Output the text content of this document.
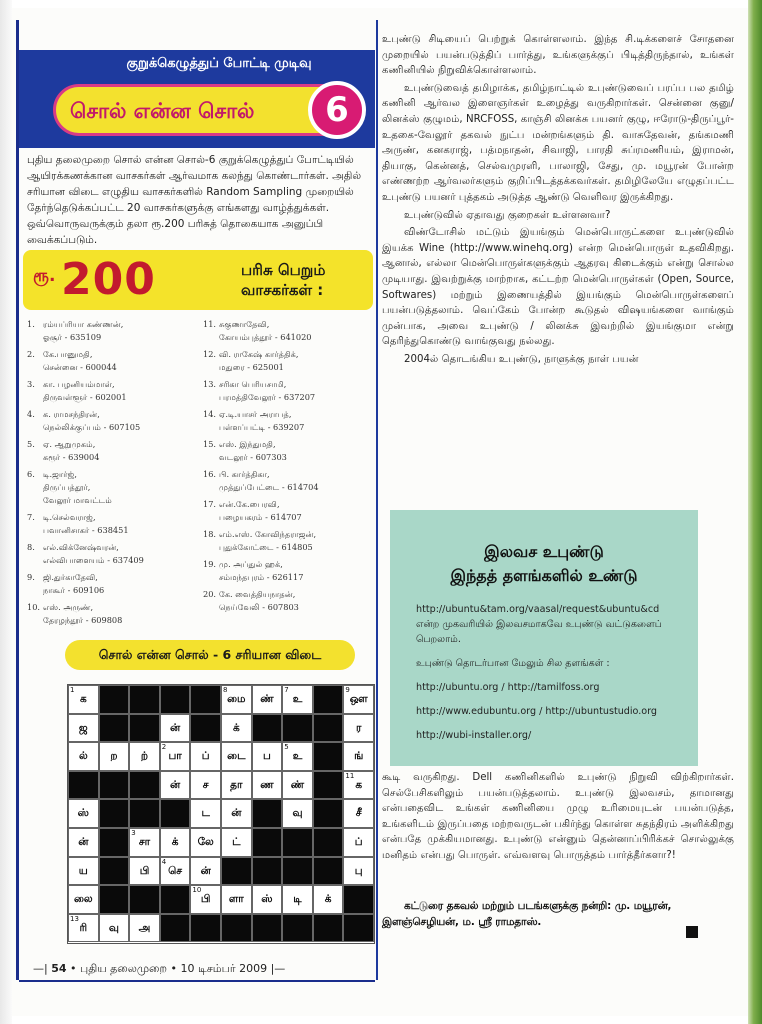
குறுக்கெழுத்துப் போட்டி முடிவு
சொல் என்ன சொல்	6
புதிய தலைமுறை சொல் என்ன சொல்-6 குறுக்கெழுத்துப் போட்டியில் ஆயிரக்கணக்கான வாசகர்கள் ஆர்வமாக கலந்து கொண்டார்கள். அதில் சரியான விடை எழுதிய வாசகர்களில் Random Sampling முறையில் தேர்ந்தெடுக்கப்பட்ட 20 வாசகர்களுக்கு எங்களது வாழ்த்துக்கள். ஒவ்வொருவருக்கும் தலா ரூ.200 பரிசுத் தொகையாக அனுப்பி வைக்கப்படும்.
ரூ. 200	பரிசு பெறும்
வாசகர்கள் :
1. ரம்யப்ரியா கண்ணன்,
ஓசூர் - 635109
2. கே.பானுமதி,
சென்னை - 600044
3. கா. பழனியம்மாள்,
திருவள்ளூர் - 602001
4. க. ராமசந்திரன்,
நெல்லிக்குப்பம் - 607105
5. ஏ. ஆறுமுகம்,
கரூர் - 639004
6. டி.ஜார்ஜ்,
திருப்பத்தூர்,
வேலூர் மாவட்டம்
7. டி.செல்வராஜ்,
பவானிசாகர் - 638451
8. எல்.விக்னேஷ்வரன்,
எல்விபாளையம் - 637409
9. ஜி.துர்காதேவி,
நாகூர் - 609106
10. எஸ். அருண்,
தேரழந்தூர் - 609808
11. சுகுணாதேவி,
கோயம்புத்தூர் - 641020
12. வி. ராகேஷ் கார்த்திக்,
மதுரை - 625001
13. சரிகா பெரியசாமி,
பரமத்திவேலூர் - 637207
14. ஏ.டி.யாசர் அராபத்,
பள்ளப்பட்டி - 639207
15. எஸ். இந்துமதி,
வடலூர் - 607303
16. பி. கார்த்திகா,
முத்துப்பேட்டை - 614704
17. என்.கே.பைரவி,
பழையகரம் - 614707
18. எம்.எஸ். கோவிந்தராஜன்,
புதுக்கோட்டை - 614805
19. மு. அப்துல் ஹக்,
சம்மந்தபுரம் - 626117
20. கே. வைத்தியநாதன்,
நெய்வேலி - 607803
சொல் என்ன சொல் - 6 சரியான விடை
1
க
8
மை	ண்
7
உ
9
ஔ
ஜ	ன்	க்	ர
ல்	ற	ற்
2
பா	ப்	டை	ப
5
உ	ங்
ன்	ச	தா	ண	ண்
11
க
ஸ்	ட	ன்	வு	சீ
ன்
3
சா	க்	லே	ட்	ப்
ய	பி
4
செ	ன்	பு
லை
10
பி	ளா	ஸ்	டி	க்
13
ரி	வு	அ
—| 54 • புதிய தலைமுறை • 10 டிசம்பர் 2009 |—

உபுண்டு சிடியைப் பெற்றுக் கொள்ளலாம். இந்த சி.டிக்களைச் சோதனை முறையில் பயன்படுத்திப் பார்த்து, உங்களுக்குப் பிடித்திருந்தால், உங்கள் கணினியில் நிறுவிக்கொள்ளலாம்.

உபுண்டுவைத் தமிழாக்க, தமிழ்நாட்டில் உபுண்டுவைப் பரப்ப பல தமிழ் கணினி ஆர்வல இளைஞர்கள் உழைத்து வருகிறார்கள். சென்னை குனு/லினக்ஸ் குழுமம், NRCFOSS, காஞ்சி லினக்சு பயனர் குழு, ஈரோடு-திருப்பூர்-உதகை-வேலூர் தகவல் நுட்ப மன்றங்களும் தி. வாசுதேவன், தங்கமணி அருண், கனகராஜ், பத்மநாதன், சிவாஜி, பாரதி சுப்ரமணியம், இராமன், தியாகு, கென்னத், செல்வமுரளி, பாலாஜி, சேது, மு. மயூரன் போன்ற எண்ணற்ற ஆர்வலர்களும் குறிப்பிடத்தக்கவர்கள். தமிழிலேயே எழுதப்பட்ட உபுண்டு பயனர் புத்தகம் அடுத்த ஆண்டு வெளிவர இருக்கிறது.

உபுண்டுவில் ஏதாவது குறைகள் உள்ளனவா?

விண்டோசில் மட்டும் இயங்கும் மென்பொருட்களை உபுண்டுவில் இயக்க Wine (http://www.winehq.org) என்ற மென்பொருள் உதவிகிறது. ஆனால், எல்லா மென்பொருள்களுக்கும் ஆதரவு கிடைக்கும் என்று சொல்ல முடியாது. இவற்றுக்கு மாற்றாக, கட்டற்ற மென்பொருள்கள் (Open, Source, Softwares) மற்றும் இணையத்தில் இயங்கும் மென்பொருள்களைப் பயன்படுத்தலாம். வெப்கேம் போன்ற கூடுதல் விஷயங்களை வாங்கும் முன்பாக, அவை உபுண்டு / லினக்சு இவற்றில் இயங்குமா என்று தெரிந்துகொண்டு வாங்குவது நல்லது.

2004ல் தொடங்கிய உபுண்டு, நாளுக்கு நாள் பயன்

இலவச உபுண்டு
இந்தத் தளங்களில் உண்டு
http://ubuntu&tam.org/vaasal/request&ubuntu&cd
என்ற முகவரியில் இலவசமாகவே உபுண்டு வட்டுகளைப் பெறலாம்.
உபுண்டு தொடர்பான மேலும் சில தளங்கள் :
http://ubuntu.org / http://tamilfoss.org
http://www.edubuntu.org / http://ubuntustudio.org
http://wubi-installer.org/

கூடி வருகிறது. Dell கணினிகளில் உபுண்டு நிறுவி விற்கிறார்கள். செல்பேசிகளிலும் பயன்படுத்தலாம். உபுண்டு இலவசம், தாமானது என்பதைவிட உங்கள் கணினியை முழு உரிமையுடன் பயன்படுத்த, உங்களிடம் இருப்பதை மற்றவருடன் பகிர்ந்து கொள்ள சுதந்திரம் அளிக்கிறது என்பதே முக்கியமானது. உபுண்டு என்னும் தென்னாப்பிரிக்கச் சொல்லுக்கு மனிதம் என்பது பொருள். எவ்வளவு பொருத்தம் பார்த்தீர்களா?!

கட்டுரை தகவல் மற்றும் படங்களுக்கு நன்றி: மு. மயூரன், இளஞ்செழியன், ம. ஸ்ரீ ராமதாஸ்.
